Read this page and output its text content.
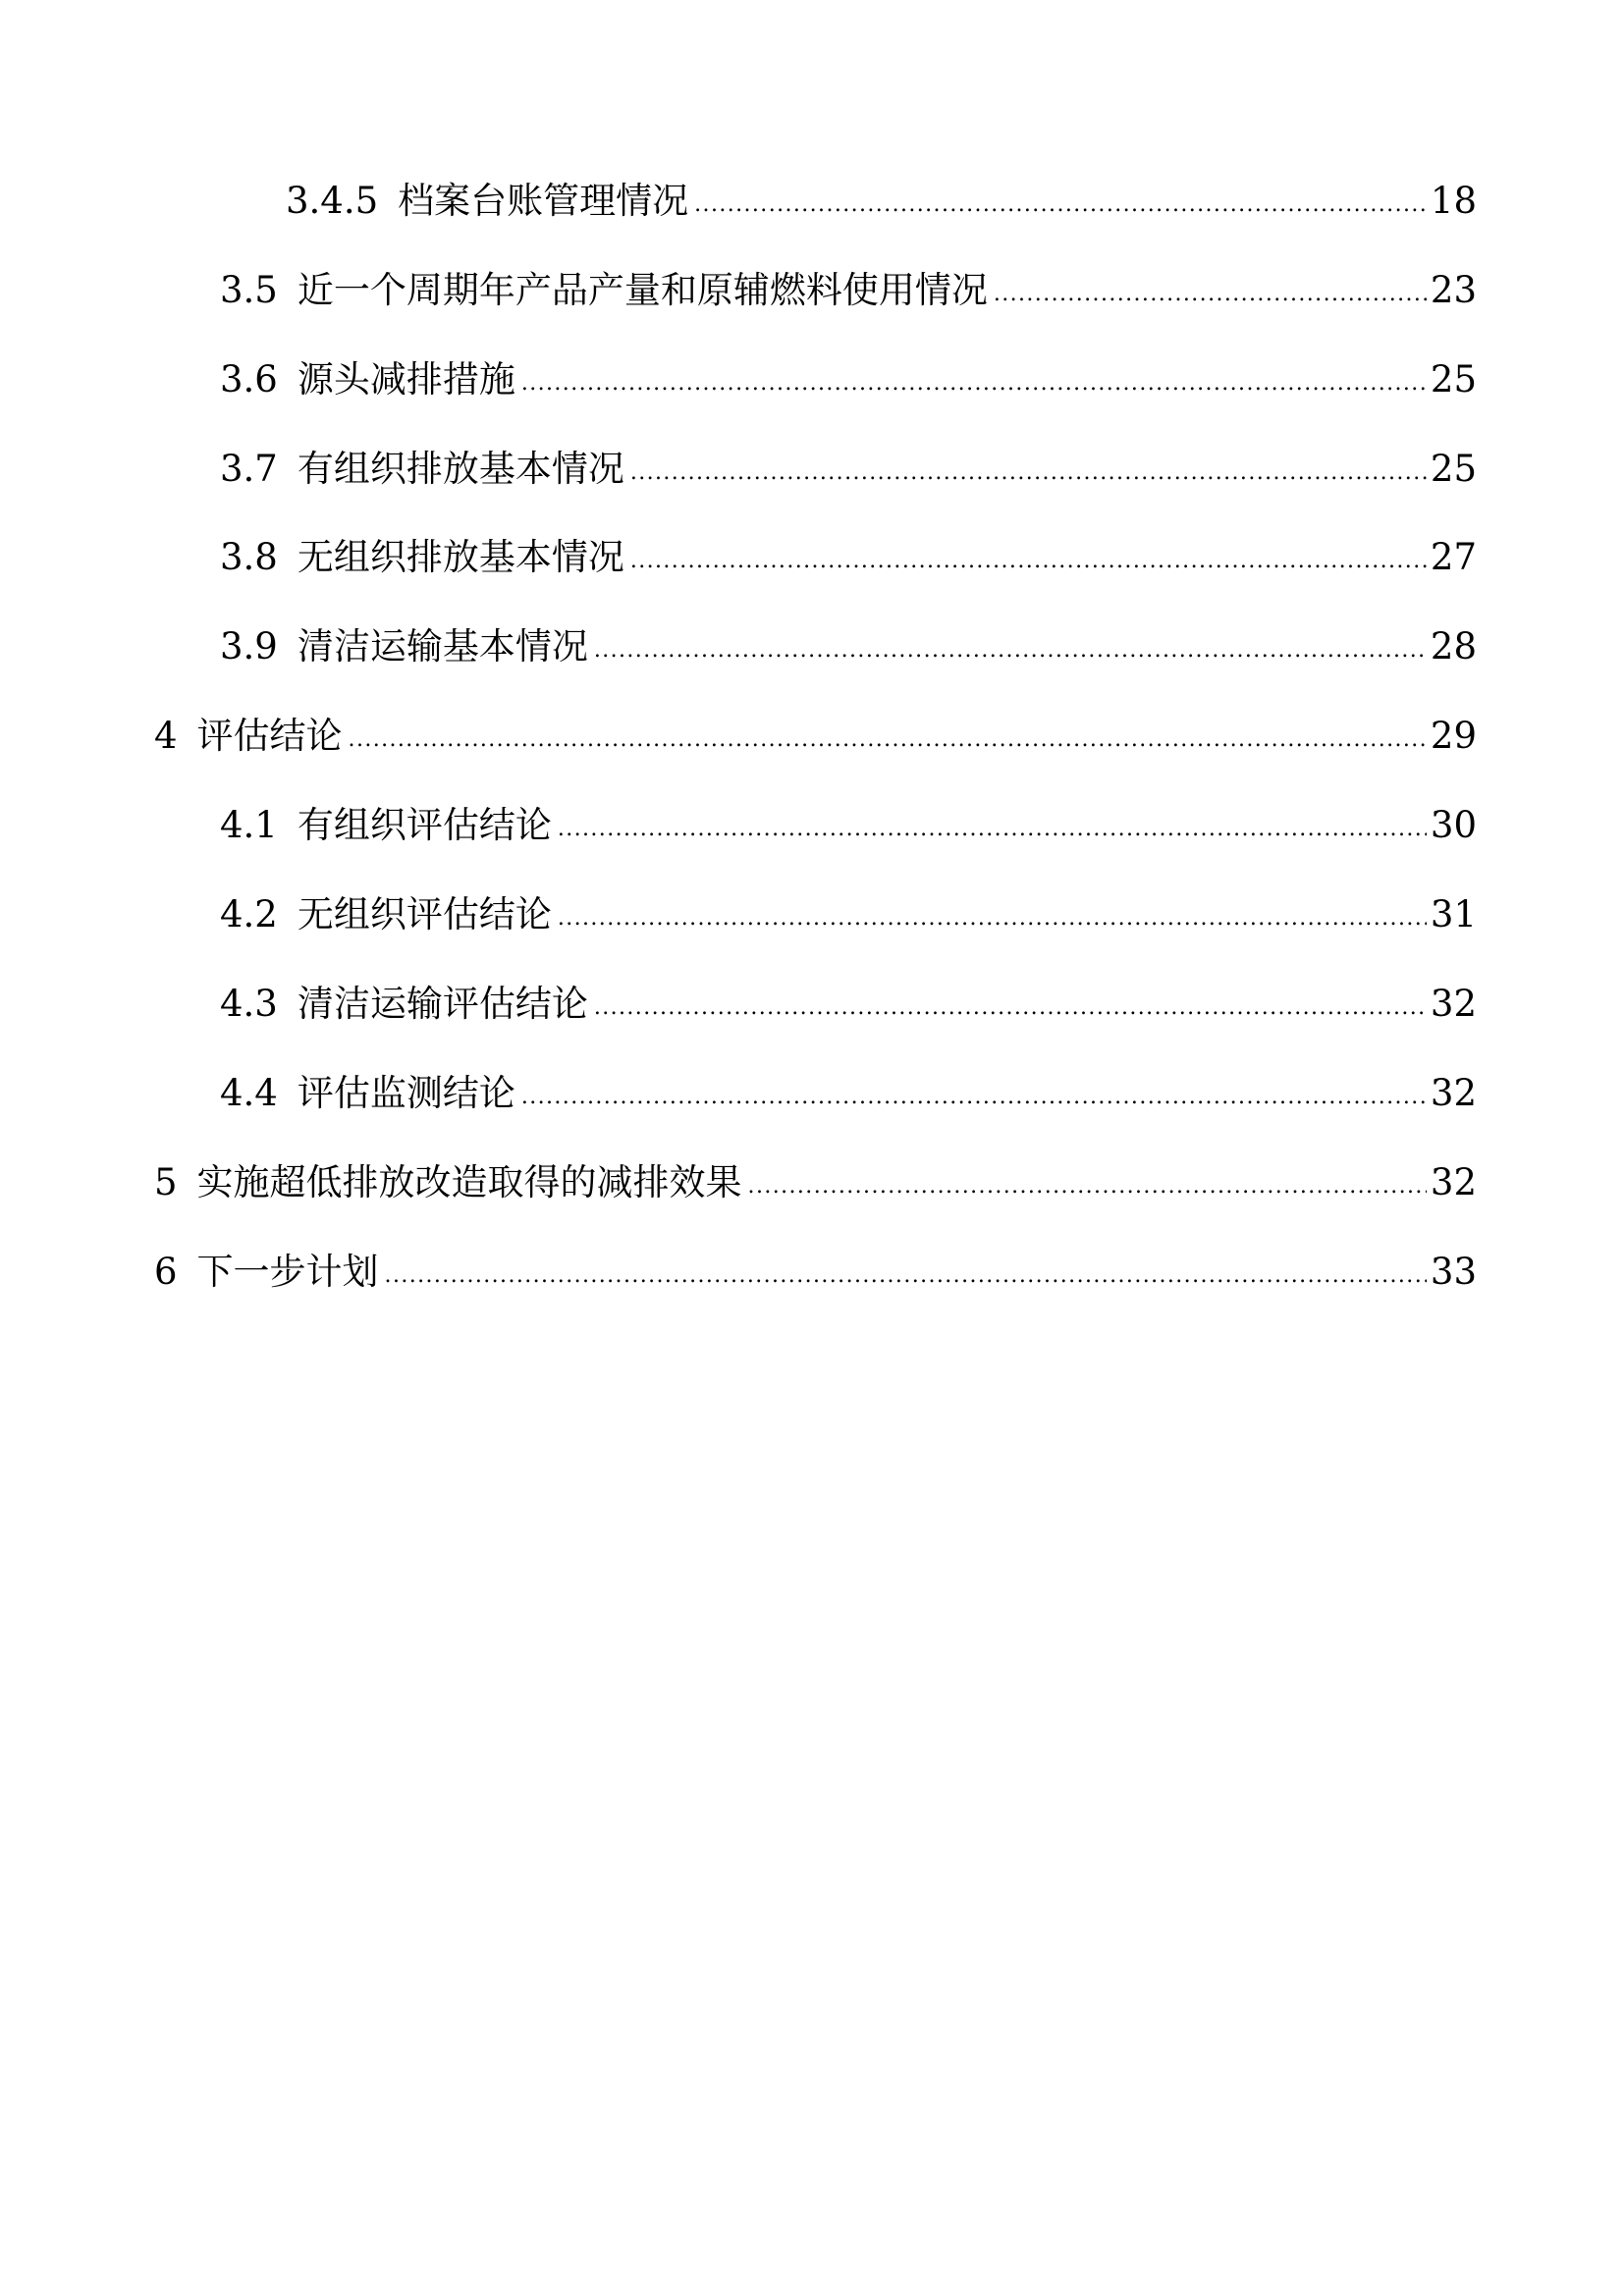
3.4.5 档案台账管理情况 .....	18
3.5 近一个周期年产品产量和原辅燃料使用情况 .....	23
3.6 源头减排措施 .....	25
3.7 有组织排放基本情况 .....	25
3.8 无组织排放基本情况 .....	27
3.9 清洁运输基本情况 .....	28
4 评估结论 .....	29
4.1 有组织评估结论 .....	30
4.2 无组织评估结论 .....	31
4.3 清洁运输评估结论 .....	32
4.4 评估监测结论 .....	32
5 实施超低排放改造取得的减排效果 .....	32
6 下一步计划 .....	33
